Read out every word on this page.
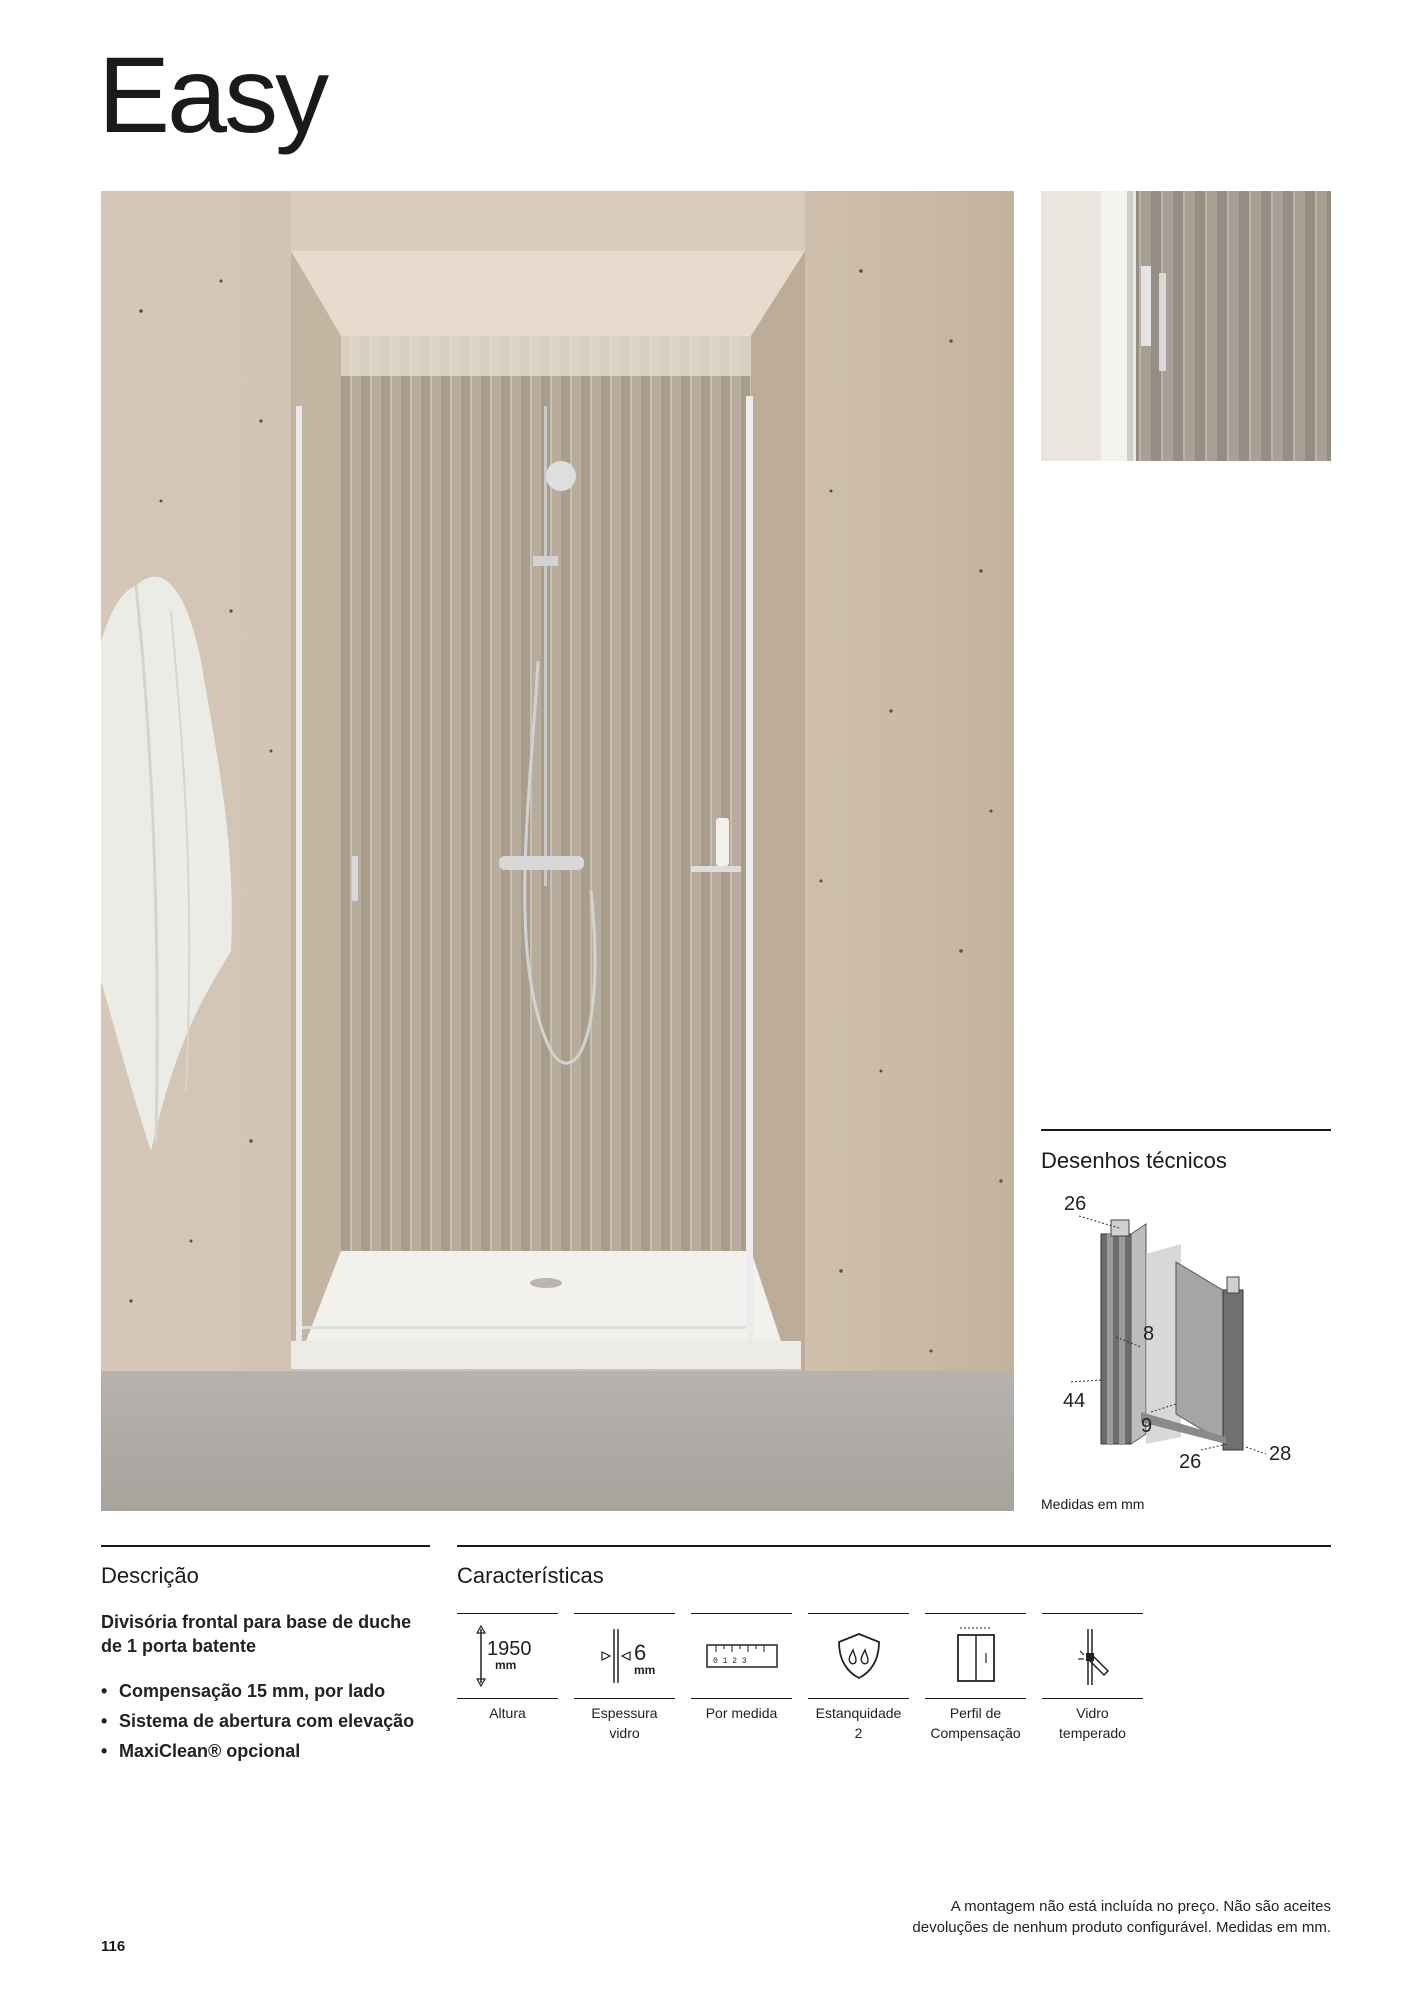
Easy
Desenhos técnicos
26
8
44
9
26	28
Medidas em mm
Descrição

Divisória frontal para base de duche de 1 porta batente

• Compensação 15 mm, por lado
• Sistema de abertura com elevação
• MaxiClean® opcional
Características
1950
mm
Altura
6
mm
Espessura
vidro
0 1 2 3
Por medida	Estanquidade
2
Perfil de
Compensação
Vidro
temperado
A montagem não está incluída no preço. Não são aceites
devoluções de nenhum produto configurável. Medidas em mm.
116
